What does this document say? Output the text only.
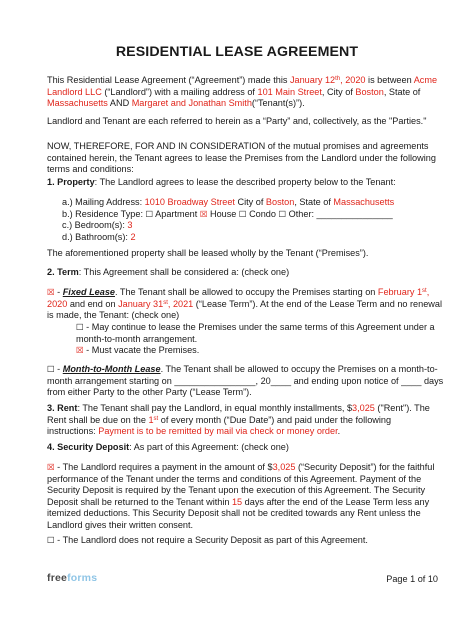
RESIDENTIAL LEASE AGREEMENT
This Residential Lease Agreement (“Agreement”) made this January 12th, 2020 is between Acme
Landlord LLC (“Landlord”) with a mailing address of 101 Main Street, City of Boston, State of
Massachusetts AND Margaret and Jonathan Smith(“Tenant(s)”).
Landlord and Tenant are each referred to herein as a “Party” and, collectively, as the "Parties."
NOW, THEREFORE, FOR AND IN CONSIDERATION of the mutual promises and agreements
contained herein, the Tenant agrees to lease the Premises from the Landlord under the following
terms and conditions:
1. Property: The Landlord agrees to lease the described property below to the Tenant:
a.) Mailing Address: 1010 Broadway Street City of Boston, State of Massachusetts
b.) Residence Type: ☐ Apartment ☒ House ☐ Condo ☐ Other: _______________
c.) Bedroom(s): 3
d.) Bathroom(s): 2
The aforementioned property shall be leased wholly by the Tenant (“Premises”).
2. Term: This Agreement shall be considered a: (check one)
☒ - Fixed Lease. The Tenant shall be allowed to occupy the Premises starting on February 1st,
2020 and end on January 31st, 2021 (“Lease Term”). At the end of the Lease Term and no renewal
is made, the Tenant: (check one)
☐ - May continue to lease the Premises under the same terms of this Agreement under a
month-to-month arrangement.
☒ - Must vacate the Premises.
☐ - Month-to-Month Lease. The Tenant shall be allowed to occupy the Premises on a month-to-
month arrangement starting on ________________, 20____ and ending upon notice of ____ days
from either Party to the other Party (“Lease Term”).
3. Rent: The Tenant shall pay the Landlord, in equal monthly installments, $3,025 ("Rent"). The
Rent shall be due on the 1st of every month (“Due Date”) and paid under the following
instructions: Payment is to be remitted by mail via check or money order.
4. Security Deposit: As part of this Agreement: (check one)
☒ - The Landlord requires a payment in the amount of $3,025 (“Security Deposit”) for the faithful
performance of the Tenant under the terms and conditions of this Agreement. Payment of the
Security Deposit is required by the Tenant upon the execution of this Agreement. The Security
Deposit shall be returned to the Tenant within 15 days after the end of the Lease Term less any
itemized deductions. This Security Deposit shall not be credited towards any Rent unless the
Landlord gives their written consent.
☐ - The Landlord does not require a Security Deposit as part of this Agreement.
freeforms	Page 1 of 10
